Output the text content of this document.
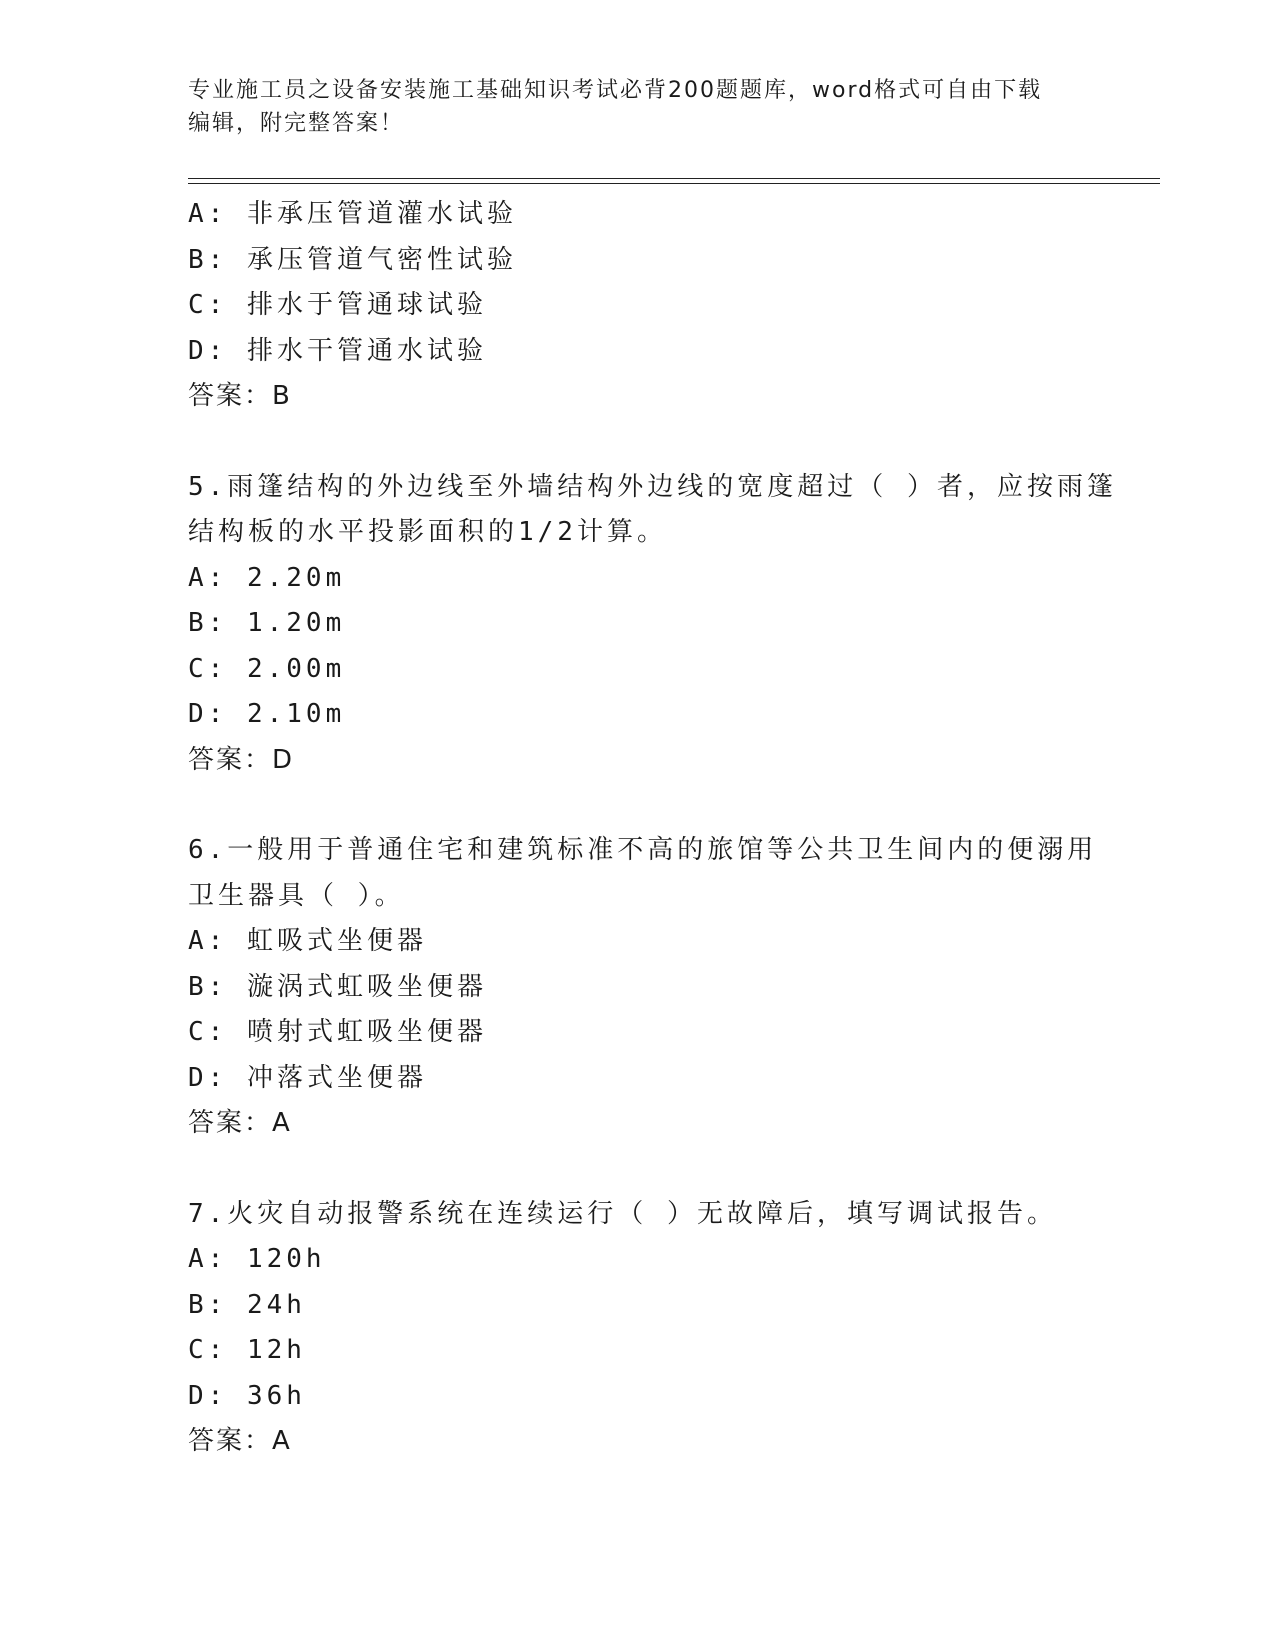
专业施工员之设备安装施工基础知识考试必背200题题库，word格式可自由下载
编辑，附完整答案！
A: 非承压管道灌水试验
B: 承压管道气密性试验
C: 排水于管通球试验
D: 排水干管通水试验
答案：B
5.雨篷结构的外边线至外墙结构外边线的宽度超过（ ）者，应按雨篷
结构板的水平投影面积的1/2计算。
A: 2.20m
B: 1.20m
C: 2.00m
D: 2.10m
答案：D
6.一般用于普通住宅和建筑标准不高的旅馆等公共卫生间内的便溺用
卫生器具（ ）。
A: 虹吸式坐便器
B: 漩涡式虹吸坐便器
C: 喷射式虹吸坐便器
D: 冲落式坐便器
答案：A
7.火灾自动报警系统在连续运行（ ）无故障后，填写调试报告。
A: 120h
B: 24h
C: 12h
D: 36h
答案：A
